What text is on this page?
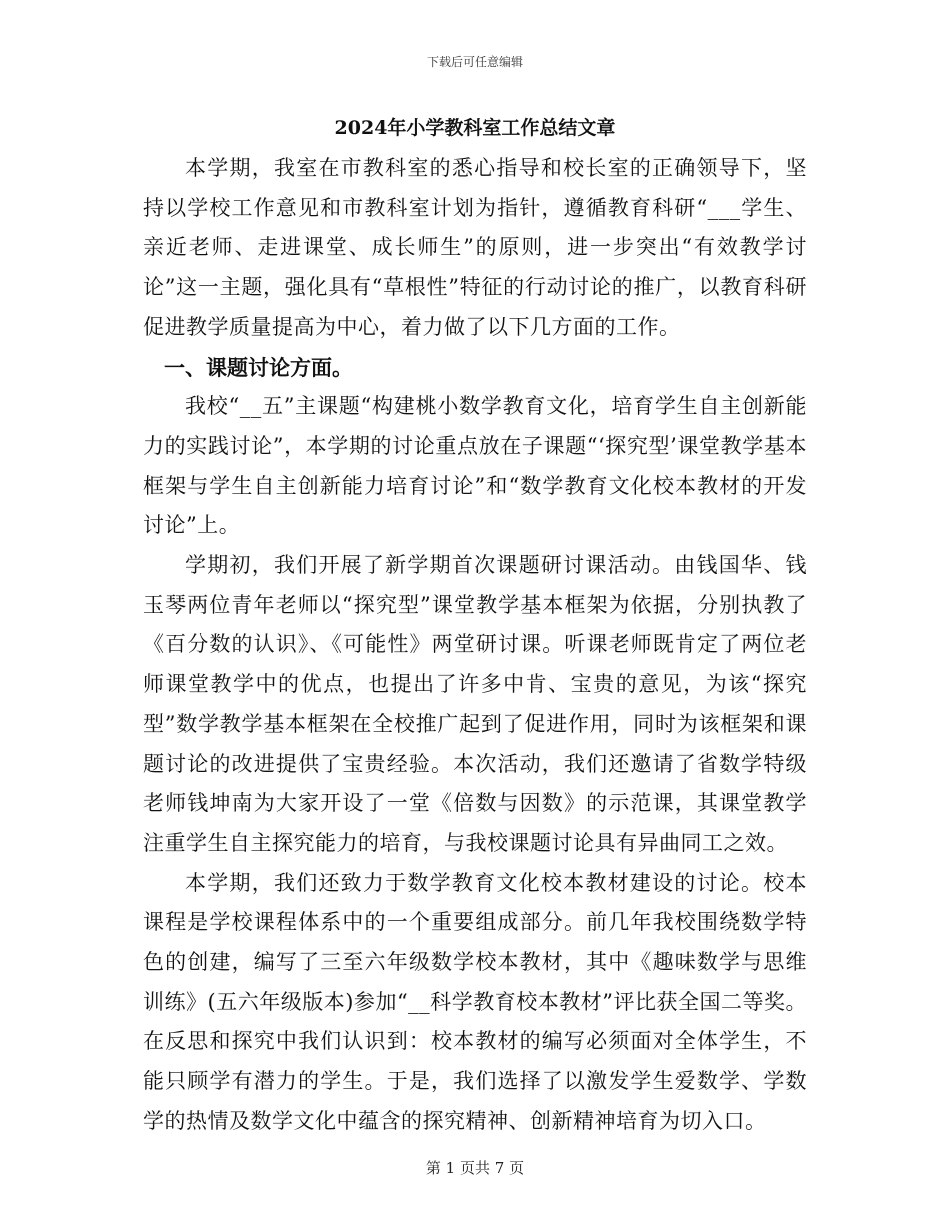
下载后可任意编辑
2024年小学教科室工作总结文章

本学期，我室在市教科室的悉心指导和校长室的正确领导下，坚持以学校工作意见和市教科室计划为指针，遵循教育科研“___学生、亲近老师、走进课堂、成长师生”的原则，进一步突出“有效教学讨论”这一主题，强化具有“草根性”特征的行动讨论的推广，以教育科研促进教学质量提高为中心，着力做了以下几方面的工作。

一、课题讨论方面。

我校“__五”主课题“构建桃小数学教育文化，培育学生自主创新能力的实践讨论”，本学期的讨论重点放在子课题“‘探究型’课堂教学基本框架与学生自主创新能力培育讨论”和“数学教育文化校本教材的开发讨论”上。

学期初，我们开展了新学期首次课题研讨课活动。由钱国华、钱玉琴两位青年老师以“探究型”课堂教学基本框架为依据，分别执教了《百分数的认识》、《可能性》两堂研讨课。听课老师既肯定了两位老师课堂教学中的优点，也提出了许多中肯、宝贵的意见，为该“探究型”数学教学基本框架在全校推广起到了促进作用，同时为该框架和课题讨论的改进提供了宝贵经验。本次活动，我们还邀请了省数学特级老师钱坤南为大家开设了一堂《倍数与因数》的示范课，其课堂教学注重学生自主探究能力的培育，与我校课题讨论具有异曲同工之效。

本学期，我们还致力于数学教育文化校本教材建设的讨论。校本课程是学校课程体系中的一个重要组成部分。前几年我校围绕数学特色的创建，编写了三至六年级数学校本教材，其中《趣味数学与思维训练》(五六年级版本)参加“__科学教育校本教材”评比获全国二等奖。在反思和探究中我们认识到：校本教材的编写必须面对全体学生，不能只顾学有潜力的学生。于是，我们选择了以激发学生爱数学、学数学的热情及数学文化中蕴含的探究精神、创新精神培育为切入口。

第 1 页共 7 页
